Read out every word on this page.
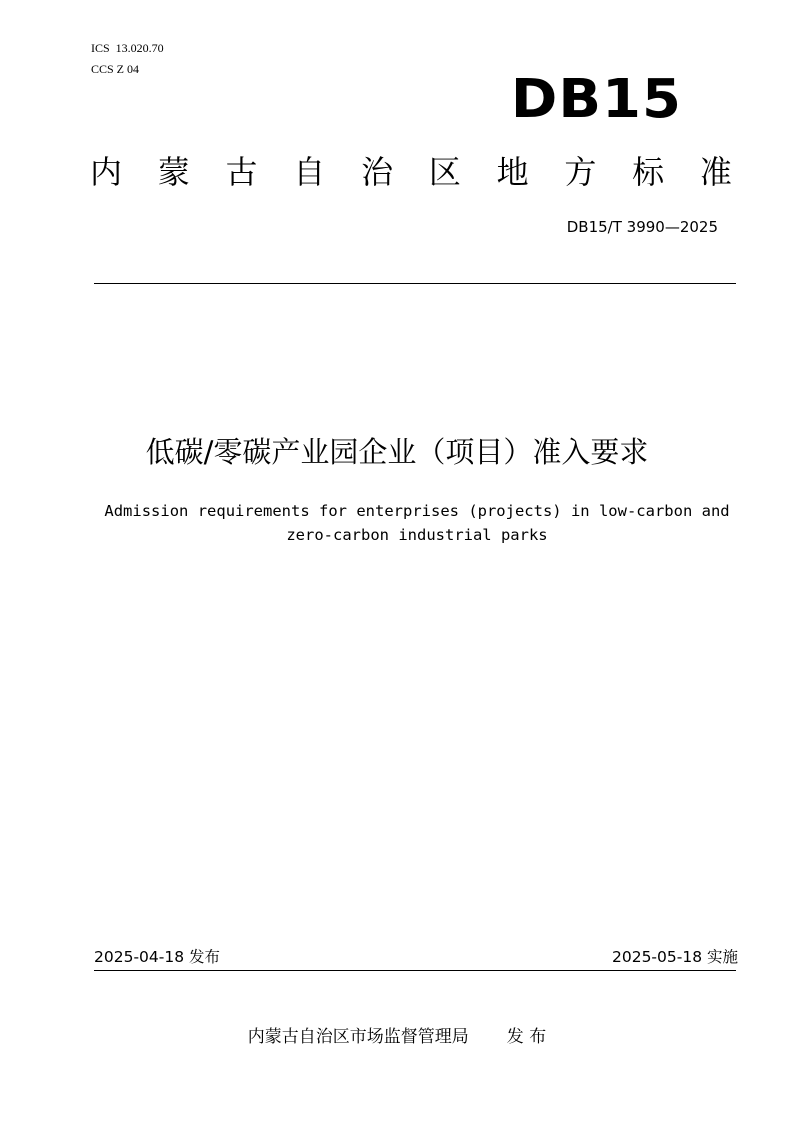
ICS  13.020.70
CCS Z 04	DB15
内 蒙 古 自 治 区 地 方 标 准
DB15/T 3990—2025
低碳/零碳产业园企业（项目）准入要求
Admission requirements for enterprises (projects) in low-carbon and
zero-carbon industrial parks
2025-04-18 发布	2025-05-18 实施
内蒙古自治区市场监督管理局 发 布
